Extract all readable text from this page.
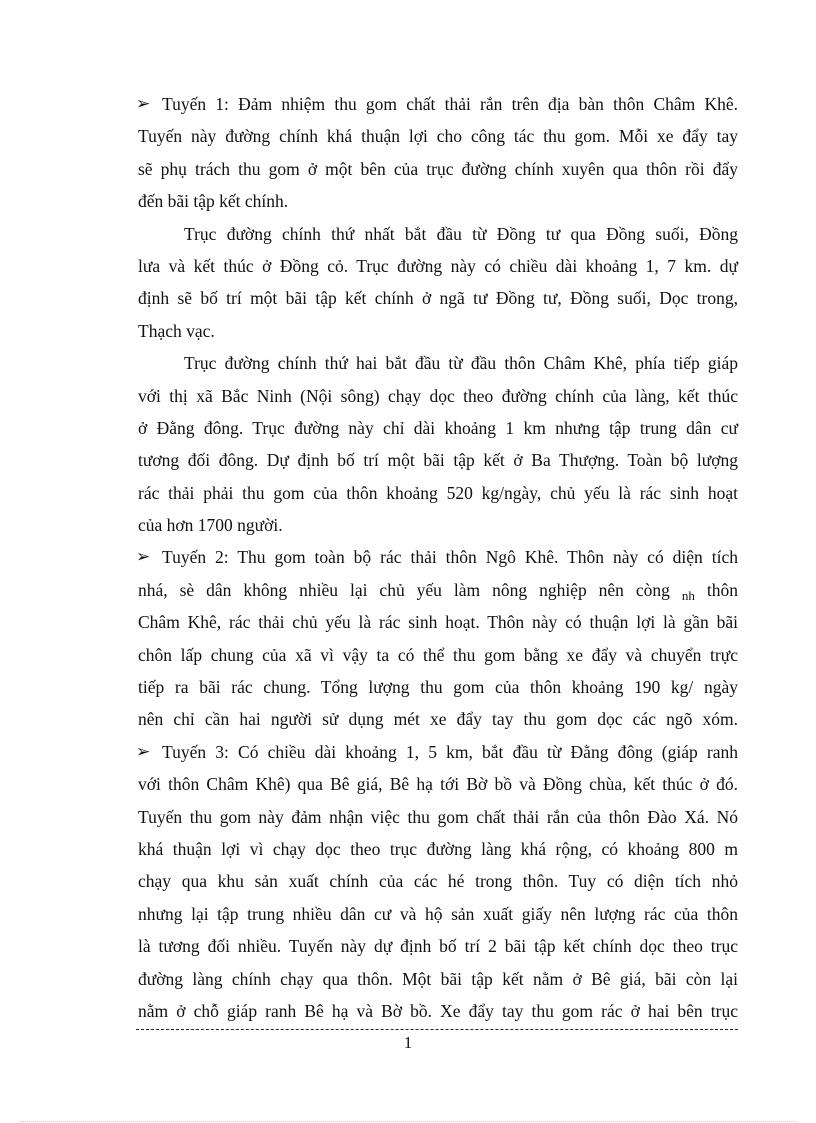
➢ Tuyến 1: Đảm nhiệm thu gom chất thải rắn trên địa bàn thôn Châm Khê.
Tuyến này đường chính khá thuận lợi cho công tác thu gom. Mỗi xe đẩy tay
sẽ phụ trách thu gom ở một bên của trục đường chính xuyên qua thôn rồi đẩy
đến bãi tập kết chính.
Trục đường chính thứ nhất bắt đầu từ Đồng tư qua Đồng suối, Đồng
lưa và kết thúc ở Đồng cỏ. Trục đường này có chiều dài khoảng 1, 7 km. dự
định sẽ bố trí một bãi tập kết chính ở ngã tư Đồng tư, Đồng suối, Dọc trong,
Thạch vạc.
Trục đường chính thứ hai bắt đầu từ đầu thôn Châm Khê, phía tiếp giáp
với thị xã Bắc Ninh (Nội sông) chạy dọc theo đường chính của làng, kết thúc
ở Đằng đông. Trục đường này chỉ dài khoảng 1 km nhưng tập trung dân cư
tương đối đông. Dự định bố trí một bãi tập kết ở Ba Thượng. Toàn bộ lượng
rác thải phải thu gom của thôn khoảng 520 kg/ngày, chủ yếu là rác sinh hoạt
của hơn 1700 người.
➢ Tuyến 2: Thu gom toàn bộ rác thải thôn Ngô Khê. Thôn này có diện tích
nhá, sè dân không nhiều lại chủ yếu làm nông nghiệp nên còng $_{nh}$ thôn
Châm Khê, rác thải chủ yếu là rác sinh hoạt. Thôn này có thuận lợi là gần bãi
chôn lấp chung của xã vì vậy ta có thể thu gom bằng xe đẩy và chuyển trực
tiếp ra bãi rác chung. Tổng lượng thu gom của thôn khoảng 190 kg/ ngày
nên chỉ cần hai người sử dụng mét xe đẩy tay thu gom dọc các ngõ xóm.
➢ Tuyến 3: Có chiều dài khoảng 1, 5 km, bắt đầu từ Đằng đông (giáp ranh
với thôn Châm Khê) qua Bê giá, Bê hạ tới Bờ bồ và Đồng chùa, kết thúc ở đó.
Tuyến thu gom này đảm nhận việc thu gom chất thải rắn của thôn Đào Xá. Nó
khá thuận lợi vì chạy dọc theo trục đường làng khá rộng, có khoảng 800 m
chạy qua khu sản xuất chính của các hé trong thôn. Tuy có diện tích nhỏ
nhưng lại tập trung nhiều dân cư và hộ sản xuất giấy nên lượng rác của thôn
là tương đối nhiều. Tuyến này dự định bố trí 2 bãi tập kết chính dọc theo trục
đường làng chính chạy qua thôn. Một bãi tập kết nằm ở Bê giá, bãi còn lại
nằm ở chỗ giáp ranh Bê hạ và Bờ bồ. Xe đẩy tay thu gom rác ở hai bên trục
1
